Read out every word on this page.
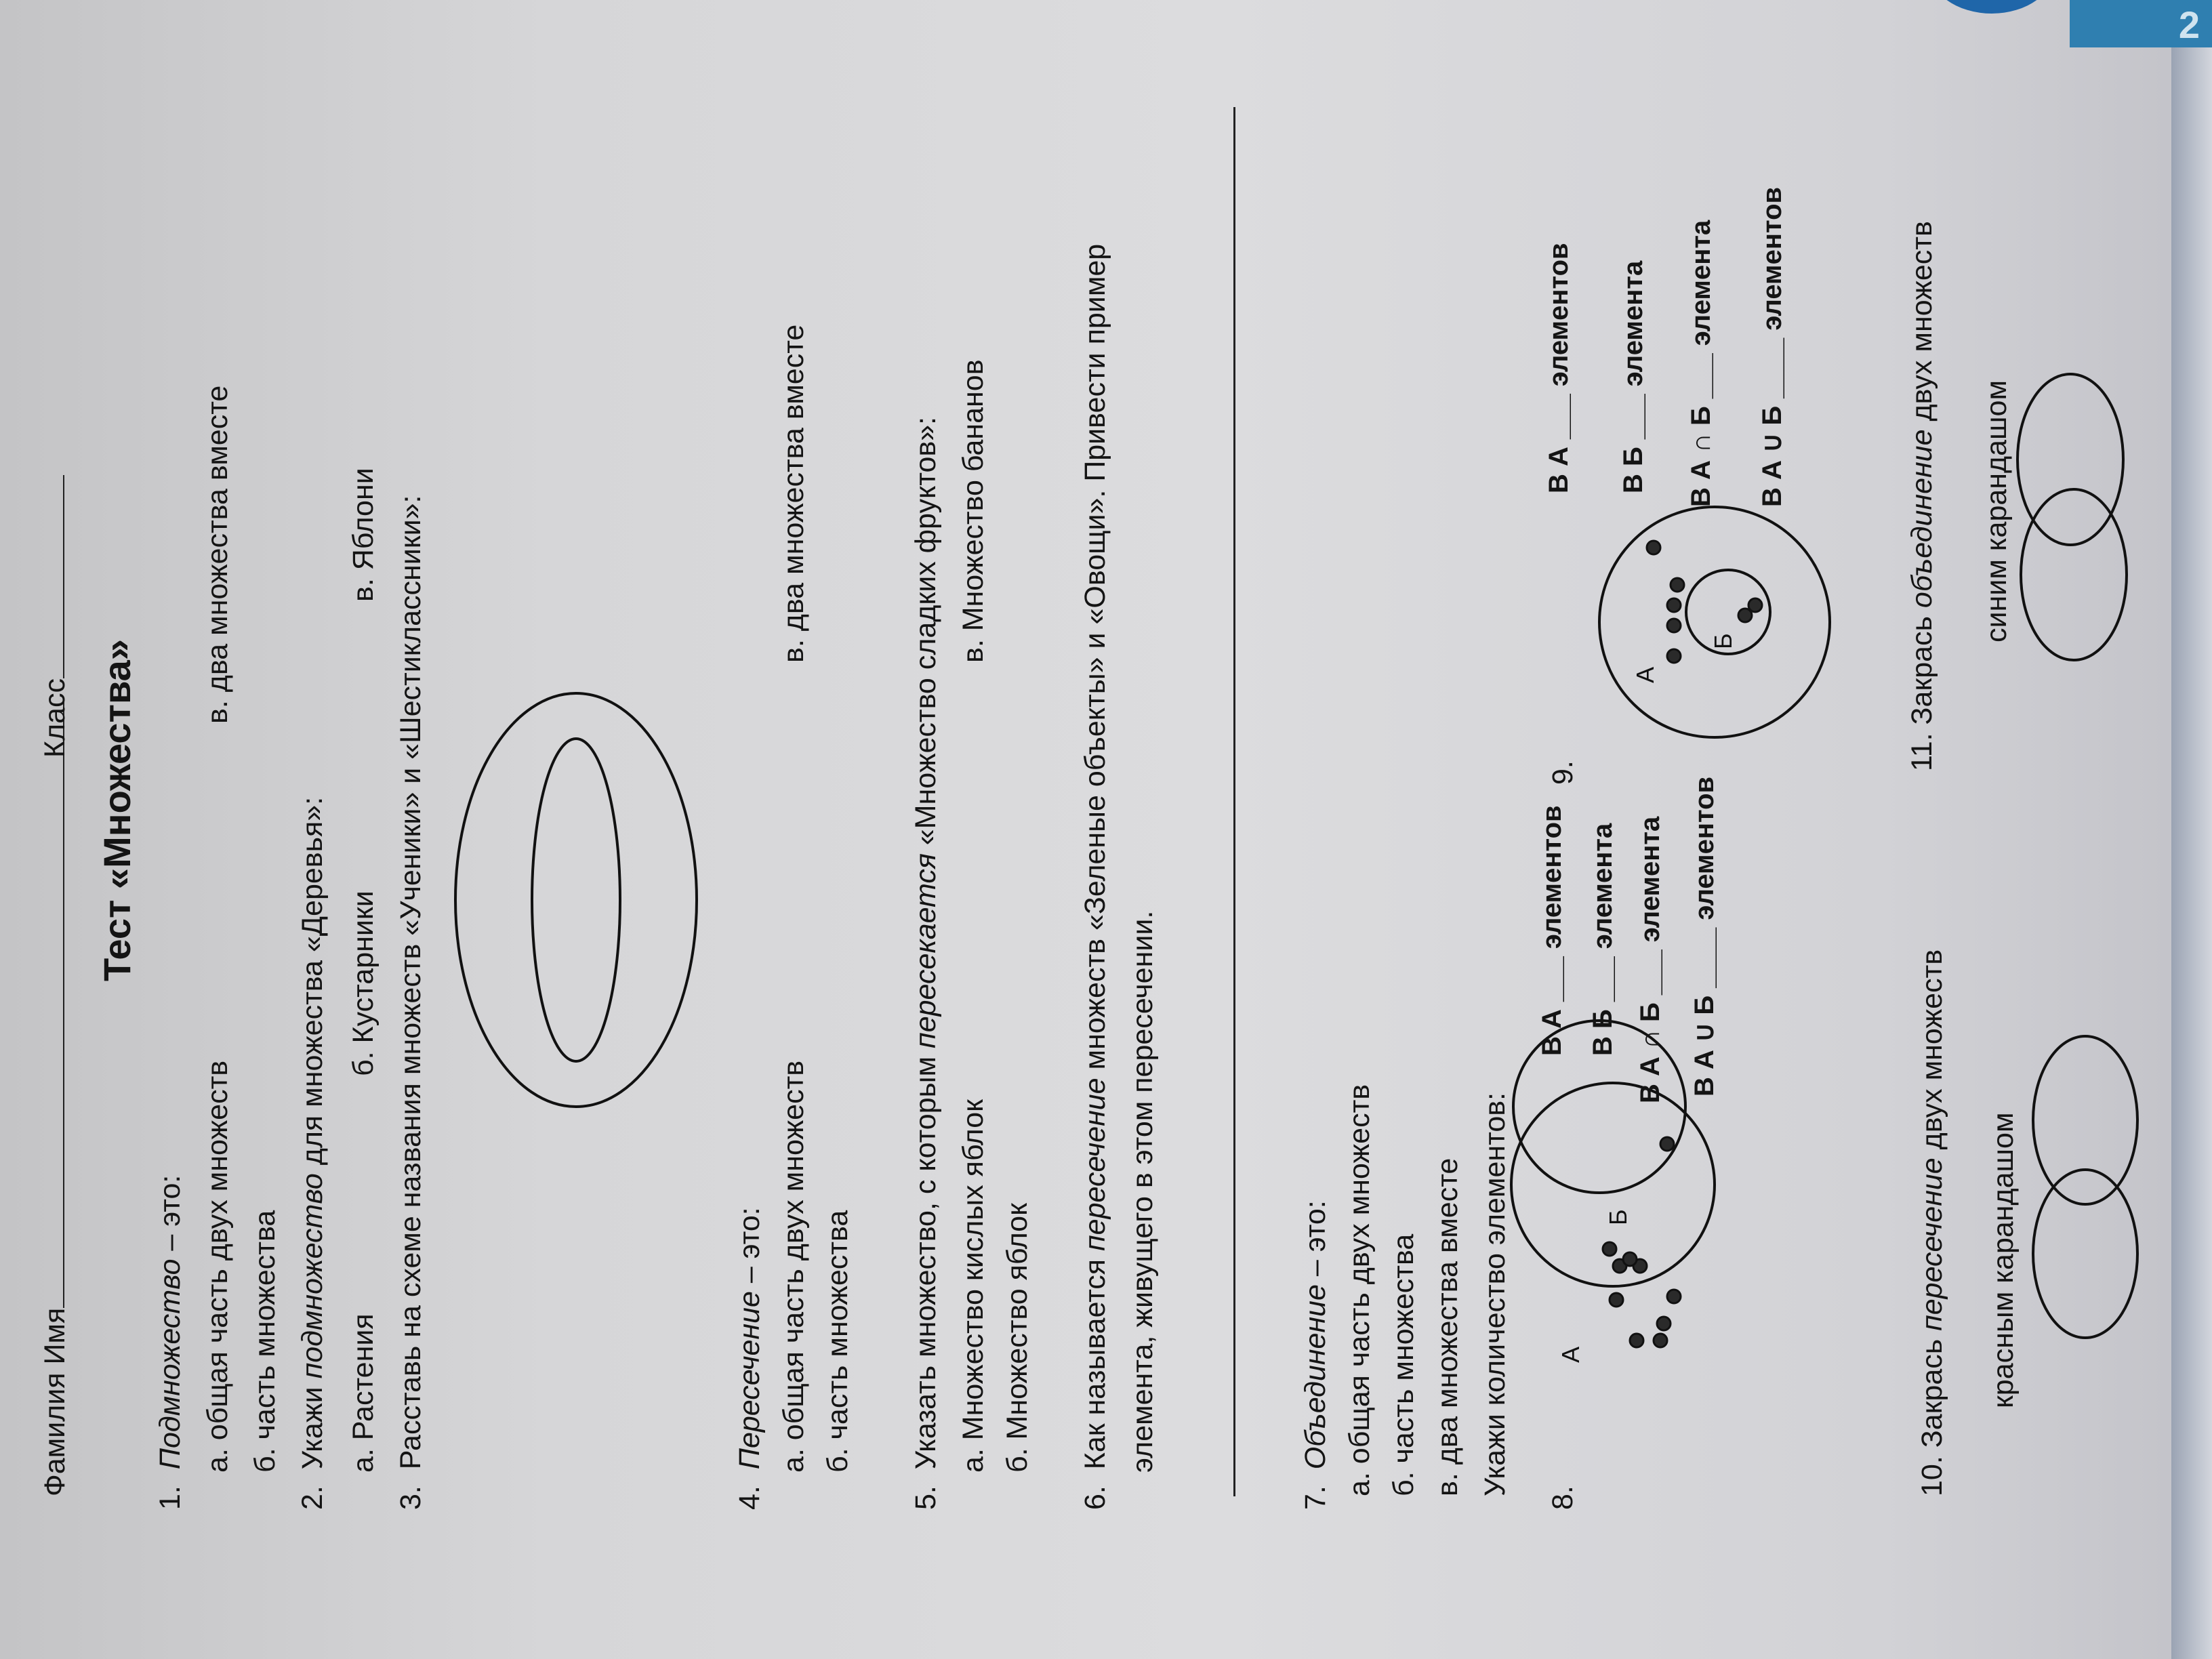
2
Фамилия Имя
Класс Тест «Множества»
1.  Подмножество – это: а. общая часть двух множеств б. часть множества
в. два множества вместе
2.  Укажи подмножество для множества «Деревья»:
а. Растения
б. Кустарники
в. Яблони
3.  Расставь на схеме названия множеств «Ученики» и «Шестиклассники»:
4.  Пересечение – это: а. общая часть двух множеств б. часть множества
в. два множества вместе
5.  Указать множество, с которым пересекается «Множество сладких фруктов»:
а. Множество кислых яблок б. Множество яблок
в. Множество бананов
6.  Как называется пересечение множеств «Зеленые объекты» и «Овощи». Привести пример
элемента, живущего в этом пересечении.
7.  Объединение – это: а. общая часть двух множеств б. часть множества в. два множества вместе Укажи количество элементов:
8.
А
Б
В А ___ элементов В Б ___ элемента В А ∩ Б ___ элемента В А ∪ Б ____ элементов
9.
А
Б
В А ___ элементов В Б ___ элемента В А ∩ Б ___ элемента В А ∪ Б ____ элементов
10. Закрась пересечение двух множеств
красным карандашом
11. Закрась объединение двух множеств
синим карандашом
